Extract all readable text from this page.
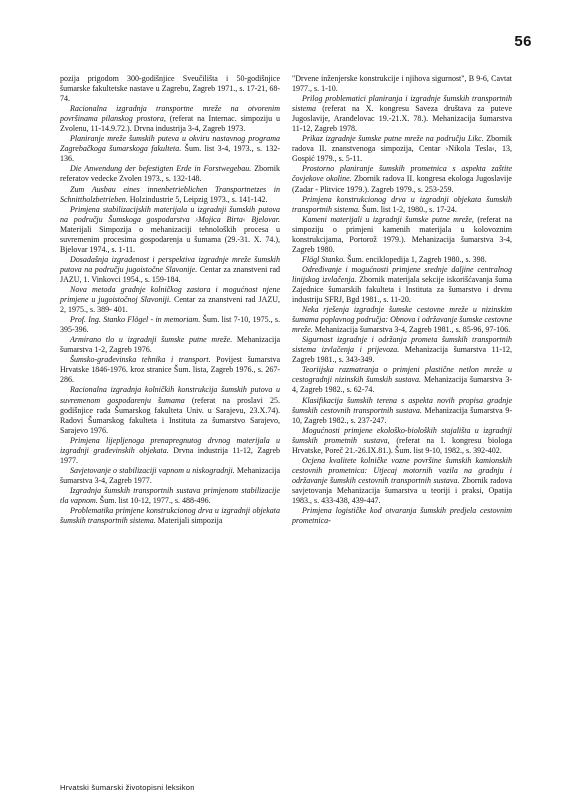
56

pozija prigodom 300-godišnjice Sveučilišta i 50-godišnjice šumarske fakultetske nastave u Zagrebu, Zagreb 1971., s. 17-21, 68-74.

Racionalna izgradnja transportne mreže na otvorenim površinama pilanskog prostora, (referat na Internac. simpoziju u Zvolenu, 11-14.9.72.). Drvna industrija 3-4, Zagreb 1973.

Planiranje mreže šumskih puteva u okviru nastavnog programa Zagrebačkoga šumarskoga fakulteta. Šum. list 3-4, 1973., s. 132-136.

Die Anwendung der befestigten Erde in Forstwegebau. Zbornik referatov vedecke Zvolen 1973., s. 132-148.

Zum Ausbau eines innenbetrieblichen Transportnetzes in Schnittholzbetrieben. Holzindustrie 5, Leipzig 1973., s. 141-142.

Primjena stabilizacijskih materijala u izgradnji šumskih putova na području Šumskoga gospodarstva ›Mojica Birta‹ Bjelovar. Materijali Simpozija o mehanizaciji tehnoloških procesa u suvremenim procesima gospodarenja u šumama (29.-31. X. 74.), Bjelovar 1974., s. 1-11.

Dosadašnja izgrađenost i perspektiva izgradnje mreže šumskih putova na području jugoistočne Slavonije. Centar za znanstveni rad JAZU, 1. Vinkovci 1954., s. 159-184.

Nova metoda gradnje kolničkog zastora i mogućnost njene primjene u jugoistočnoj Slavoniji. Centar za znanstveni rad JAZU, 2, 1975., s. 389- 401.

Prof. Ing. Stanko Flögel - in memoriam. Šum. list 7-10, 1975., s. 395-396.

Armirano tlo u izgradnji šumske putne mreže. Mehanizacija šumarstva 1-2, Zagreb 1976.

Šumsko-građevinska tehnika i transport. Povijest šumarstva Hrvatske 1846-1976. kroz stranice Šum. lista, Zagreb 1976., s. 267-286.

Racionalna izgradnja kolničkih konstrukcija šumskih putova u suvremenom gospodarenju šumama (referat na proslavi 25. godišnjice rada Šumarskog fakulteta Univ. u Sarajevu, 23.X.74). Radovi Šumarskog fakulteta i Instituta za šumarstvo Sarajevo, Sarajevo 1976.

Primjena lijepljenoga prenapregnutog drvnog materijala u izgradnji građevinskih objekata. Drvna industrija 11-12, Zagreb 1977.

Savjetovanje o stabilizaciji vapnom u niskogradnji. Mehanizacija šumarstva 3-4, Zagreb 1977.

Izgradnja šumskih transportnih sustava primjenom stabilizacije tla vapnom. Šum. list 10-12, 1977., s. 488-496.

Problematika primjene konstrukcionog drva u izgradnji objekata šumskih transportnih sistema. Materijali simpozija

"Drvene inženjerske konstrukcije i njihova sigurnost", B 9-6, Cavtat 1977., s. 1-10.

Prilog problematici planiranja i izgradnje šumskih transportnih sistema (referat na X. kongresu Saveza društava za puteve Jugoslavije, Aranđelovac 19.-21.X. 78.). Mehanizacija šumarstva 11-12, Zagreb 1978.

Prikaz izgradnje šumske putne mreže na području Likc. Zbornik radova II. znanstvenoga simpozija, Centar ›Nikola Tesla‹, 13, Gospić 1979., s. 5-11.

Prostorno planiranje šumskih prometnica s aspekta zaštite čovjekove okoline. Zbornik radova II. kongresa ekologa Jugoslavije (Zadar - Plitvice 1979.). Zagreb 1979., s. 253-259.

Primjena konstrukcionog drva u izgradnji objekata šumskih transportnih sistema. Šum. list 1-2, 1980., s. 17-24.

Kameni materijali u izgradnji šumske putne mreže, (referat na simpoziju o primjeni kamenih materijala u kolovoznim konstrukcijama, Portorož 1979.). Mehanizacija šumarstva 3-4, Zagreb 1980.

Flögl Stanko. Šum. enciklopedija 1, Zagreb 1980., s. 398.

Određivanje i mogućnosti primjene srednje daljine centralnog linijskog izvlačenja. Zbornik materijala sekcije iskorišćavanja šuma Zajednice šumarskih fakulteta i Instituta za šumarstvo i drvnu industriju SFRJ, Bgd 1981., s. 11-20.

Neka rješenja izgradnje šumske cestovne mreže u nizinskim šumama poplavnog područja: Obnova i održavanje šumske cestovne mreže. Mehanizacija šumarstva 3-4, Zagreb 1981., s. 85-96, 97-106.

Sigurnost izgradnje i održanja prometa šumskih transportnih sistema izvlačenja i prijevoza. Mehanizacija šumarstva 11-12, Zagreb 1981., s. 343-349.

Teoriijska razmatranja o primjeni plastične netlon mreže u cestogradnji nizinskih šumskih sustava. Mehanizacija šumarstva 3-4, Zagreb 1982., s. 62-74.

Klasifikacija šumskih terena s aspekta novih propisa gradnje šumskih cestovnih transportnih sustava. Mehanizacija šumarstva 9-10, Zagreb 1982., s. 237-247.

Mogućnosti primjene ekološko-bioloških stajališta u izgradnji šumskih prometnih sustava, (referat na I. kongresu biologa Hrvatske, Poreč 21.-26.IX.81.). Šum. list 9-10, 1982., s. 392-402.

Ocjena kvalitete kolničke vozne površine šumskih kamionskih cestovnih prometnica: Utjecaj motornih vozila na gradnju i održavanje šumskih cestovnih transportnih sustava. Zbornik radova savjetovanja Mehanizacija šumarstva u teoriji i praksi, Opatija 1983., s. 433-438, 439-447.

Primjena logističke kod otvaranja šumskih predjela cestovnim prometnica-

Hrvatski šumarski životopisni leksikon
